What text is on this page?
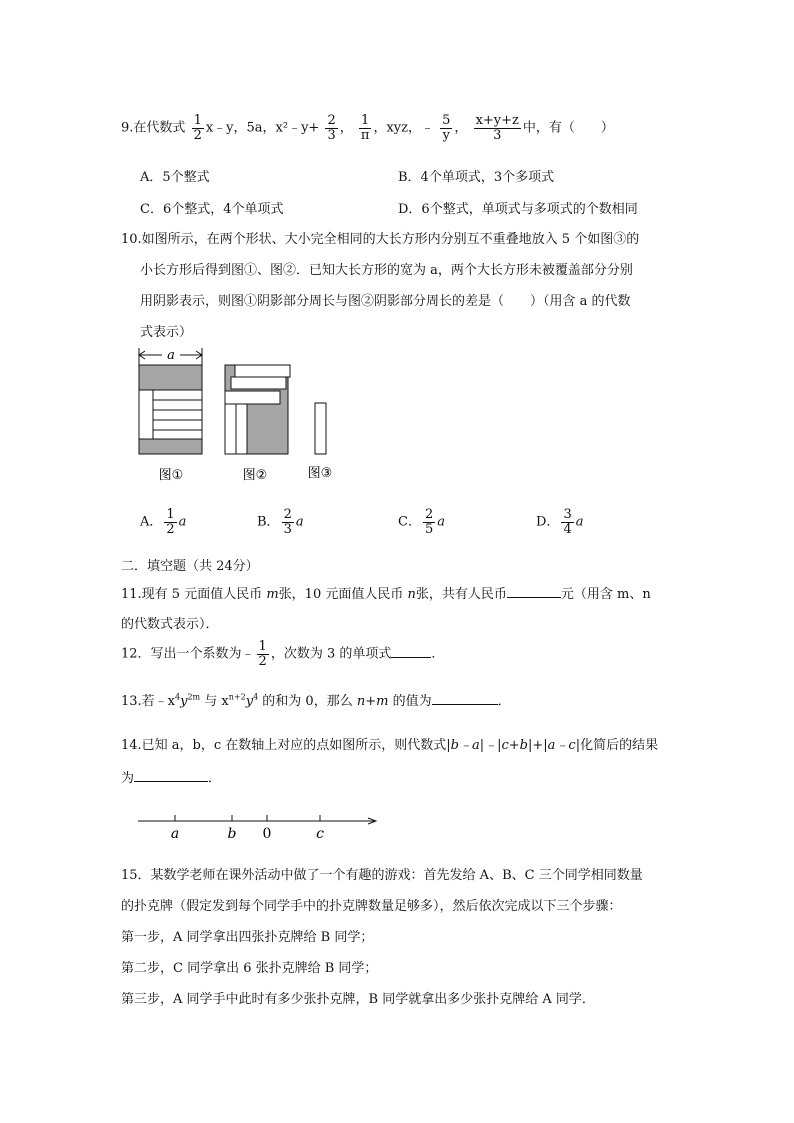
9.在代数式 $\frac{1}{2}$ x﹣y，5a，x²﹣y+ $\frac{2}{3}$ ， $\frac{1}{\pi}$ ，xyz，﹣ $\frac{5}{y}$ ， $\frac{x+y+z}{3}$ 中，有（　　）
A．5个整式	B．4个单项式，3个多项式
C．6个整式，4个单项式	D．6个整式，单项式与多项式的个数相同
10.如图所示，在两个形状、大小完全相同的大长方形内分别互不重叠地放入 5 个如图③的
小长方形后得到图①、图②．已知大长方形的宽为 a，两个大长方形未被覆盖部分分别
用阴影表示，则图①阴影部分周长与图②阴影部分周长的差是（　　）（用含 a 的代数
式表示）
a
图①	图②	图③
A． $\frac{1}{2}$ a	B． $\frac{2}{3}$ a	C． $\frac{2}{5}$ a	D． $\frac{3}{4}$ a
二．填空题（共 24分）
11.现有 5 元面值人民币 m张，10 元面值人民币 n张，共有人民币	元（用含 m、n
的代数式表示）．
12．写出一个系数为﹣ $\frac{1}{2}$ ，次数为 3 的单项式	．
13.若$﹣x^4y^{2m}$ 与 $x^{n+2}y^4$ 的和为 0，那么 n+m 的值为	．
14.已知 a，b，c 在数轴上对应的点如图所示，则代数式|b﹣a|﹣|c+b|+|a﹣c|化简后的结果
为	．
a	b 0	c
15．某数学老师在课外活动中做了一个有趣的游戏：首先发给 A、B、C 三个同学相同数量
的扑克牌（假定发到每个同学手中的扑克牌数量足够多），然后依次完成以下三个步骤：
第一步，A 同学拿出四张扑克牌给 B 同学；
第二步，C 同学拿出 6 张扑克牌给 B 同学；
第三步，A 同学手中此时有多少张扑克牌，B 同学就拿出多少张扑克牌给 A 同学．
